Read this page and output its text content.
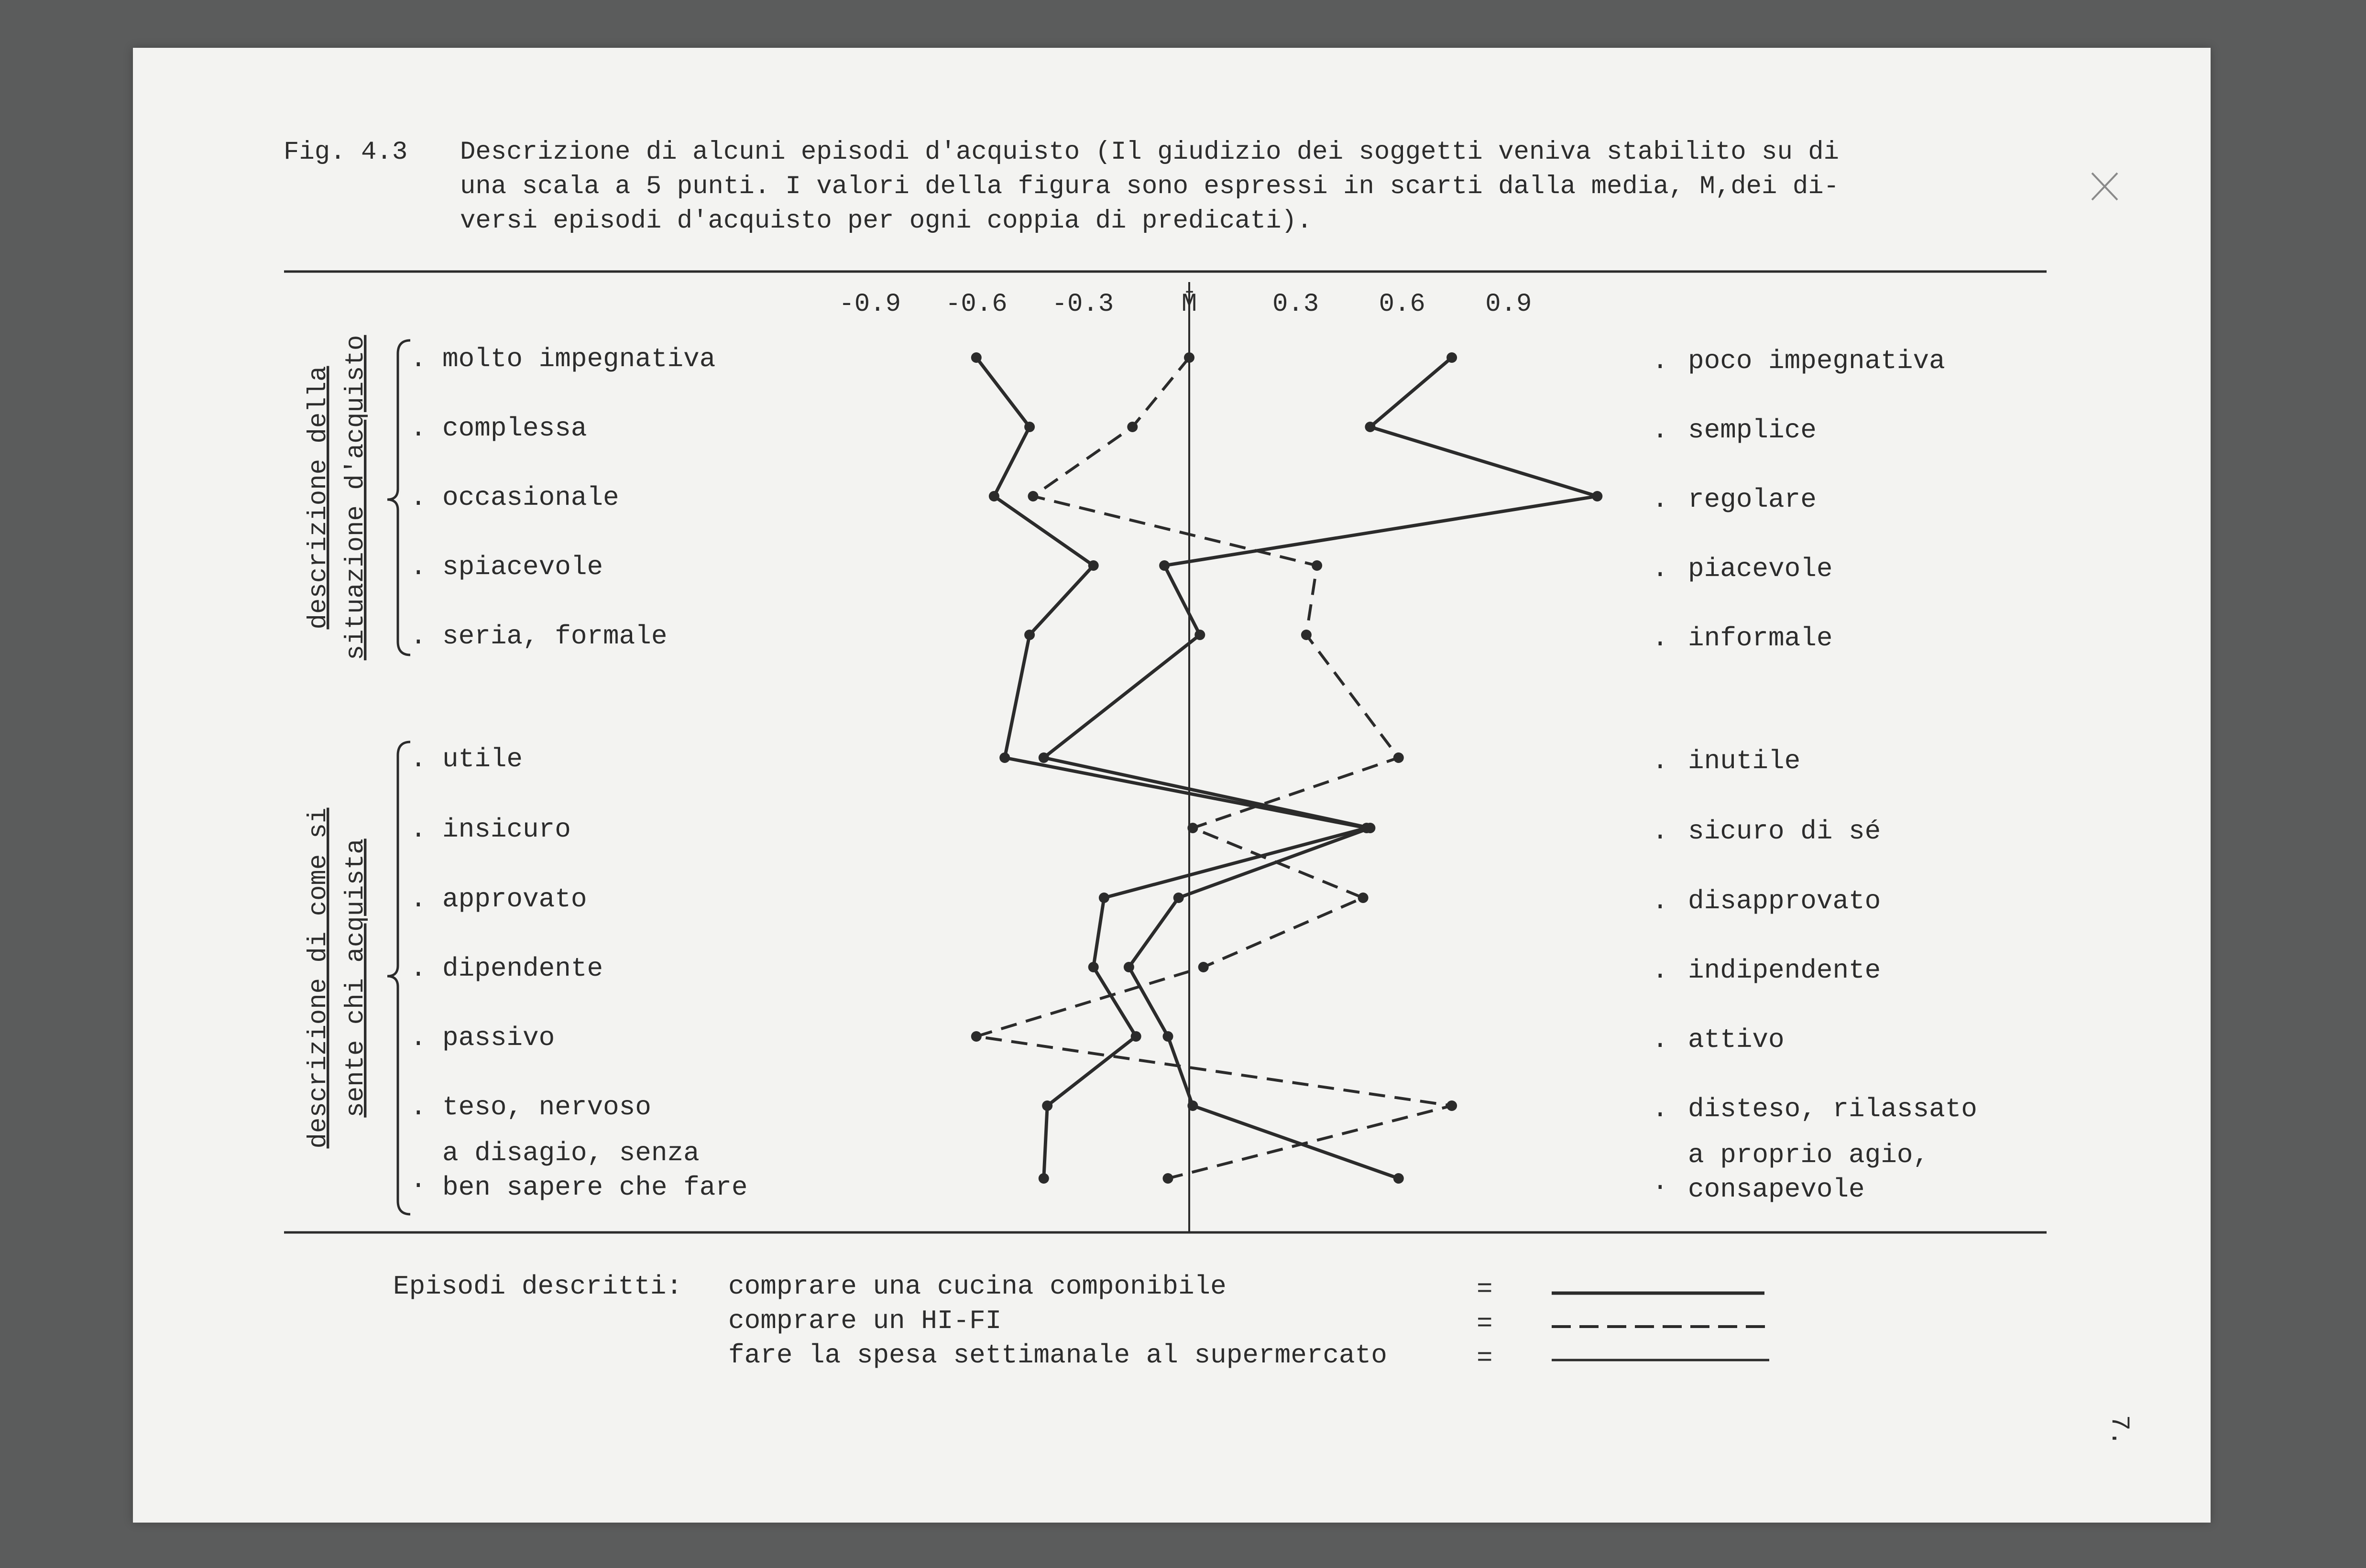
Fig. 4.3 Descrizione di alcuni episodi d'acquisto (Il giudizio dei soggetti veniva stabilito su di
una scala a 5 punti. I valori della figura sono espressi in scarti dalla media, M,dei di-
versi episodi d'acquisto per ogni coppia di predicati).
-0.9 -0.6 -0.3	M̄	0.3 0.6 0.9
. molto impegnativa	. poco impegnativa
. complessa	. semplice
. occasionale	. regolare
. spiacevole	. piacevole
. seria, formale	. informale
. utile	. inutile
. insicuro	. sicuro di sé
. approvato	. disapprovato
. dipendente	. indipendente
. passivo	. attivo
. teso, nervoso	. disteso, rilassato
.
a disagio, senza
ben sapere che fare	.
a proprio agio,
consapevole
descrizione della situazione d'acquisto
descrizione di come si sente chi acquista
Episodi descritti: comprare una cucina componibile
comprare un HI-FI
fare la spesa settimanale al supermercato
=
=
=
7.
